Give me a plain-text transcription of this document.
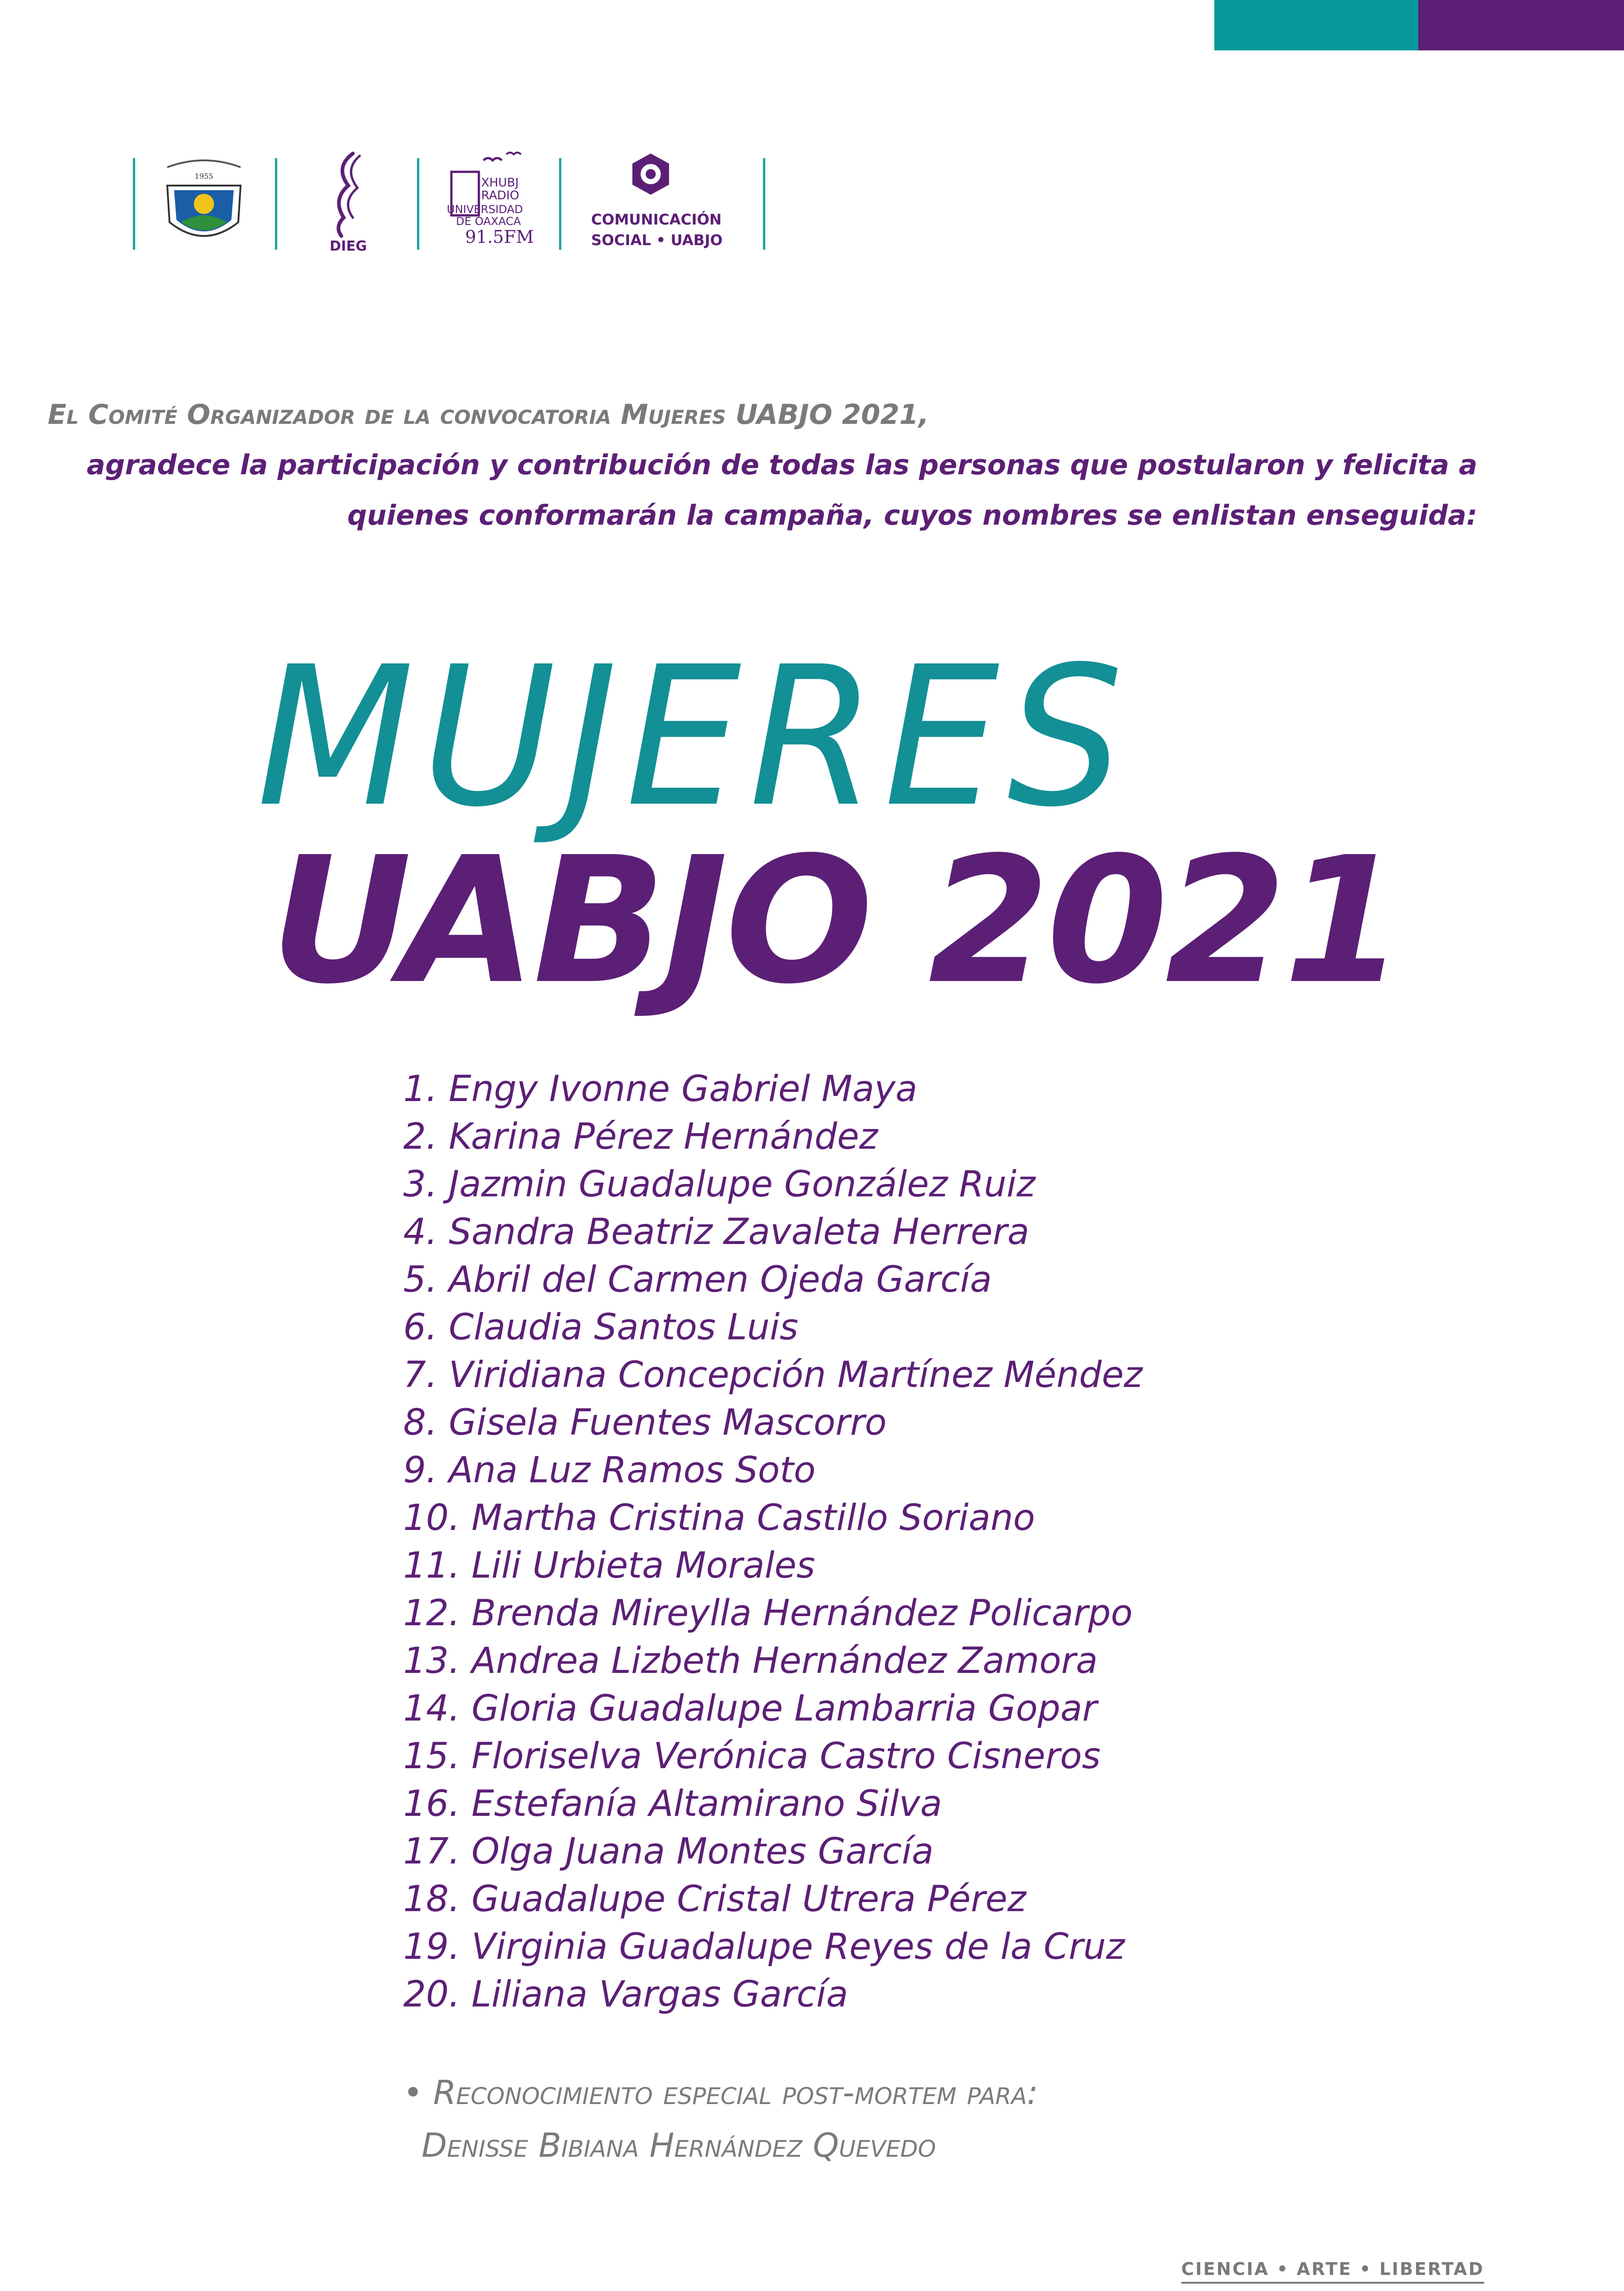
1955
DIEG
XHUBJ
RADIO
UNIVERSIDAD
DE OAXACA
91.5FM
COMUNICACIÓN
SOCIAL • UABJO
El Comité Organizador de la convocatoria Mujeres UABJO 2021,
agradece la participación y contribución de todas las personas que postularon y felicita a
quienes conformarán la campaña, cuyos nombres se enlistan enseguida:
MUJERES
UABJO 2021
1. Engy Ivonne Gabriel Maya
2. Karina Pérez Hernández
3. Jazmin Guadalupe González Ruiz
4. Sandra Beatriz Zavaleta Herrera
5. Abril del Carmen Ojeda García
6. Claudia Santos Luis
7. Viridiana Concepción Martínez Méndez
8. Gisela Fuentes Mascorro
9. Ana Luz Ramos Soto
10. Martha Cristina Castillo Soriano
11. Lili Urbieta Morales
12. Brenda Mireylla Hernández Policarpo
13. Andrea Lizbeth Hernández Zamora
14. Gloria Guadalupe Lambarria Gopar
15. Floriselva Verónica Castro Cisneros
16. Estefanía Altamirano Silva
17. Olga Juana Montes García
18. Guadalupe Cristal Utrera Pérez
19. Virginia Guadalupe Reyes de la Cruz
20. Liliana Vargas García
• Reconocimiento especial post-mortem para:
Denisse Bibiana Hernández Quevedo
CIENCIA • ARTE • LIBERTAD
